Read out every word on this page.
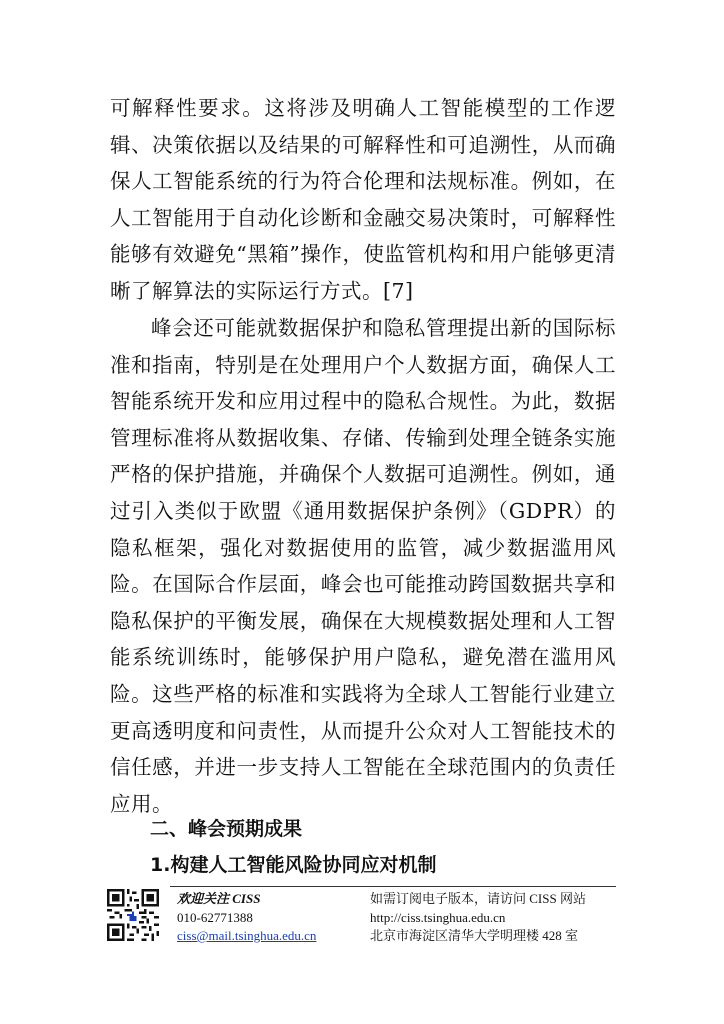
可解释性要求。这将涉及明确人工智能模型的工作逻辑、决策依据以及结果的可解释性和可追溯性，从而确保人工智能系统的行为符合伦理和法规标准。例如，在人工智能用于自动化诊断和金融交易决策时，可解释性能够有效避免“黑箱”操作，使监管机构和用户能够更清晰了解算法的实际运行方式。[7]

峰会还可能就数据保护和隐私管理提出新的国际标准和指南，特别是在处理用户个人数据方面，确保人工智能系统开发和应用过程中的隐私合规性。为此，数据管理标准将从数据收集、存储、传输到处理全链条实施严格的保护措施，并确保个人数据可追溯性。例如，通过引入类似于欧盟《通用数据保护条例》（GDPR）的隐私框架，强化对数据使用的监管，减少数据滥用风险。在国际合作层面，峰会也可能推动跨国数据共享和隐私保护的平衡发展，确保在大规模数据处理和人工智能系统训练时，能够保护用户隐私，避免潜在滥用风险。这些严格的标准和实践将为全球人工智能行业建立更高透明度和问责性，从而提升公众对人工智能技术的信任感，并进一步支持人工智能在全球范围内的负责任应用。

二、峰会预期成果
1.构建人工智能风险协同应对机制
欢迎关注 CISS
010-62771388
ciss@mail.tsinghua.edu.cn
如需订阅电子版本，请访问 CISS 网站
http://ciss.tsinghua.edu.cn
北京市海淀区清华大学明理楼 428 室
